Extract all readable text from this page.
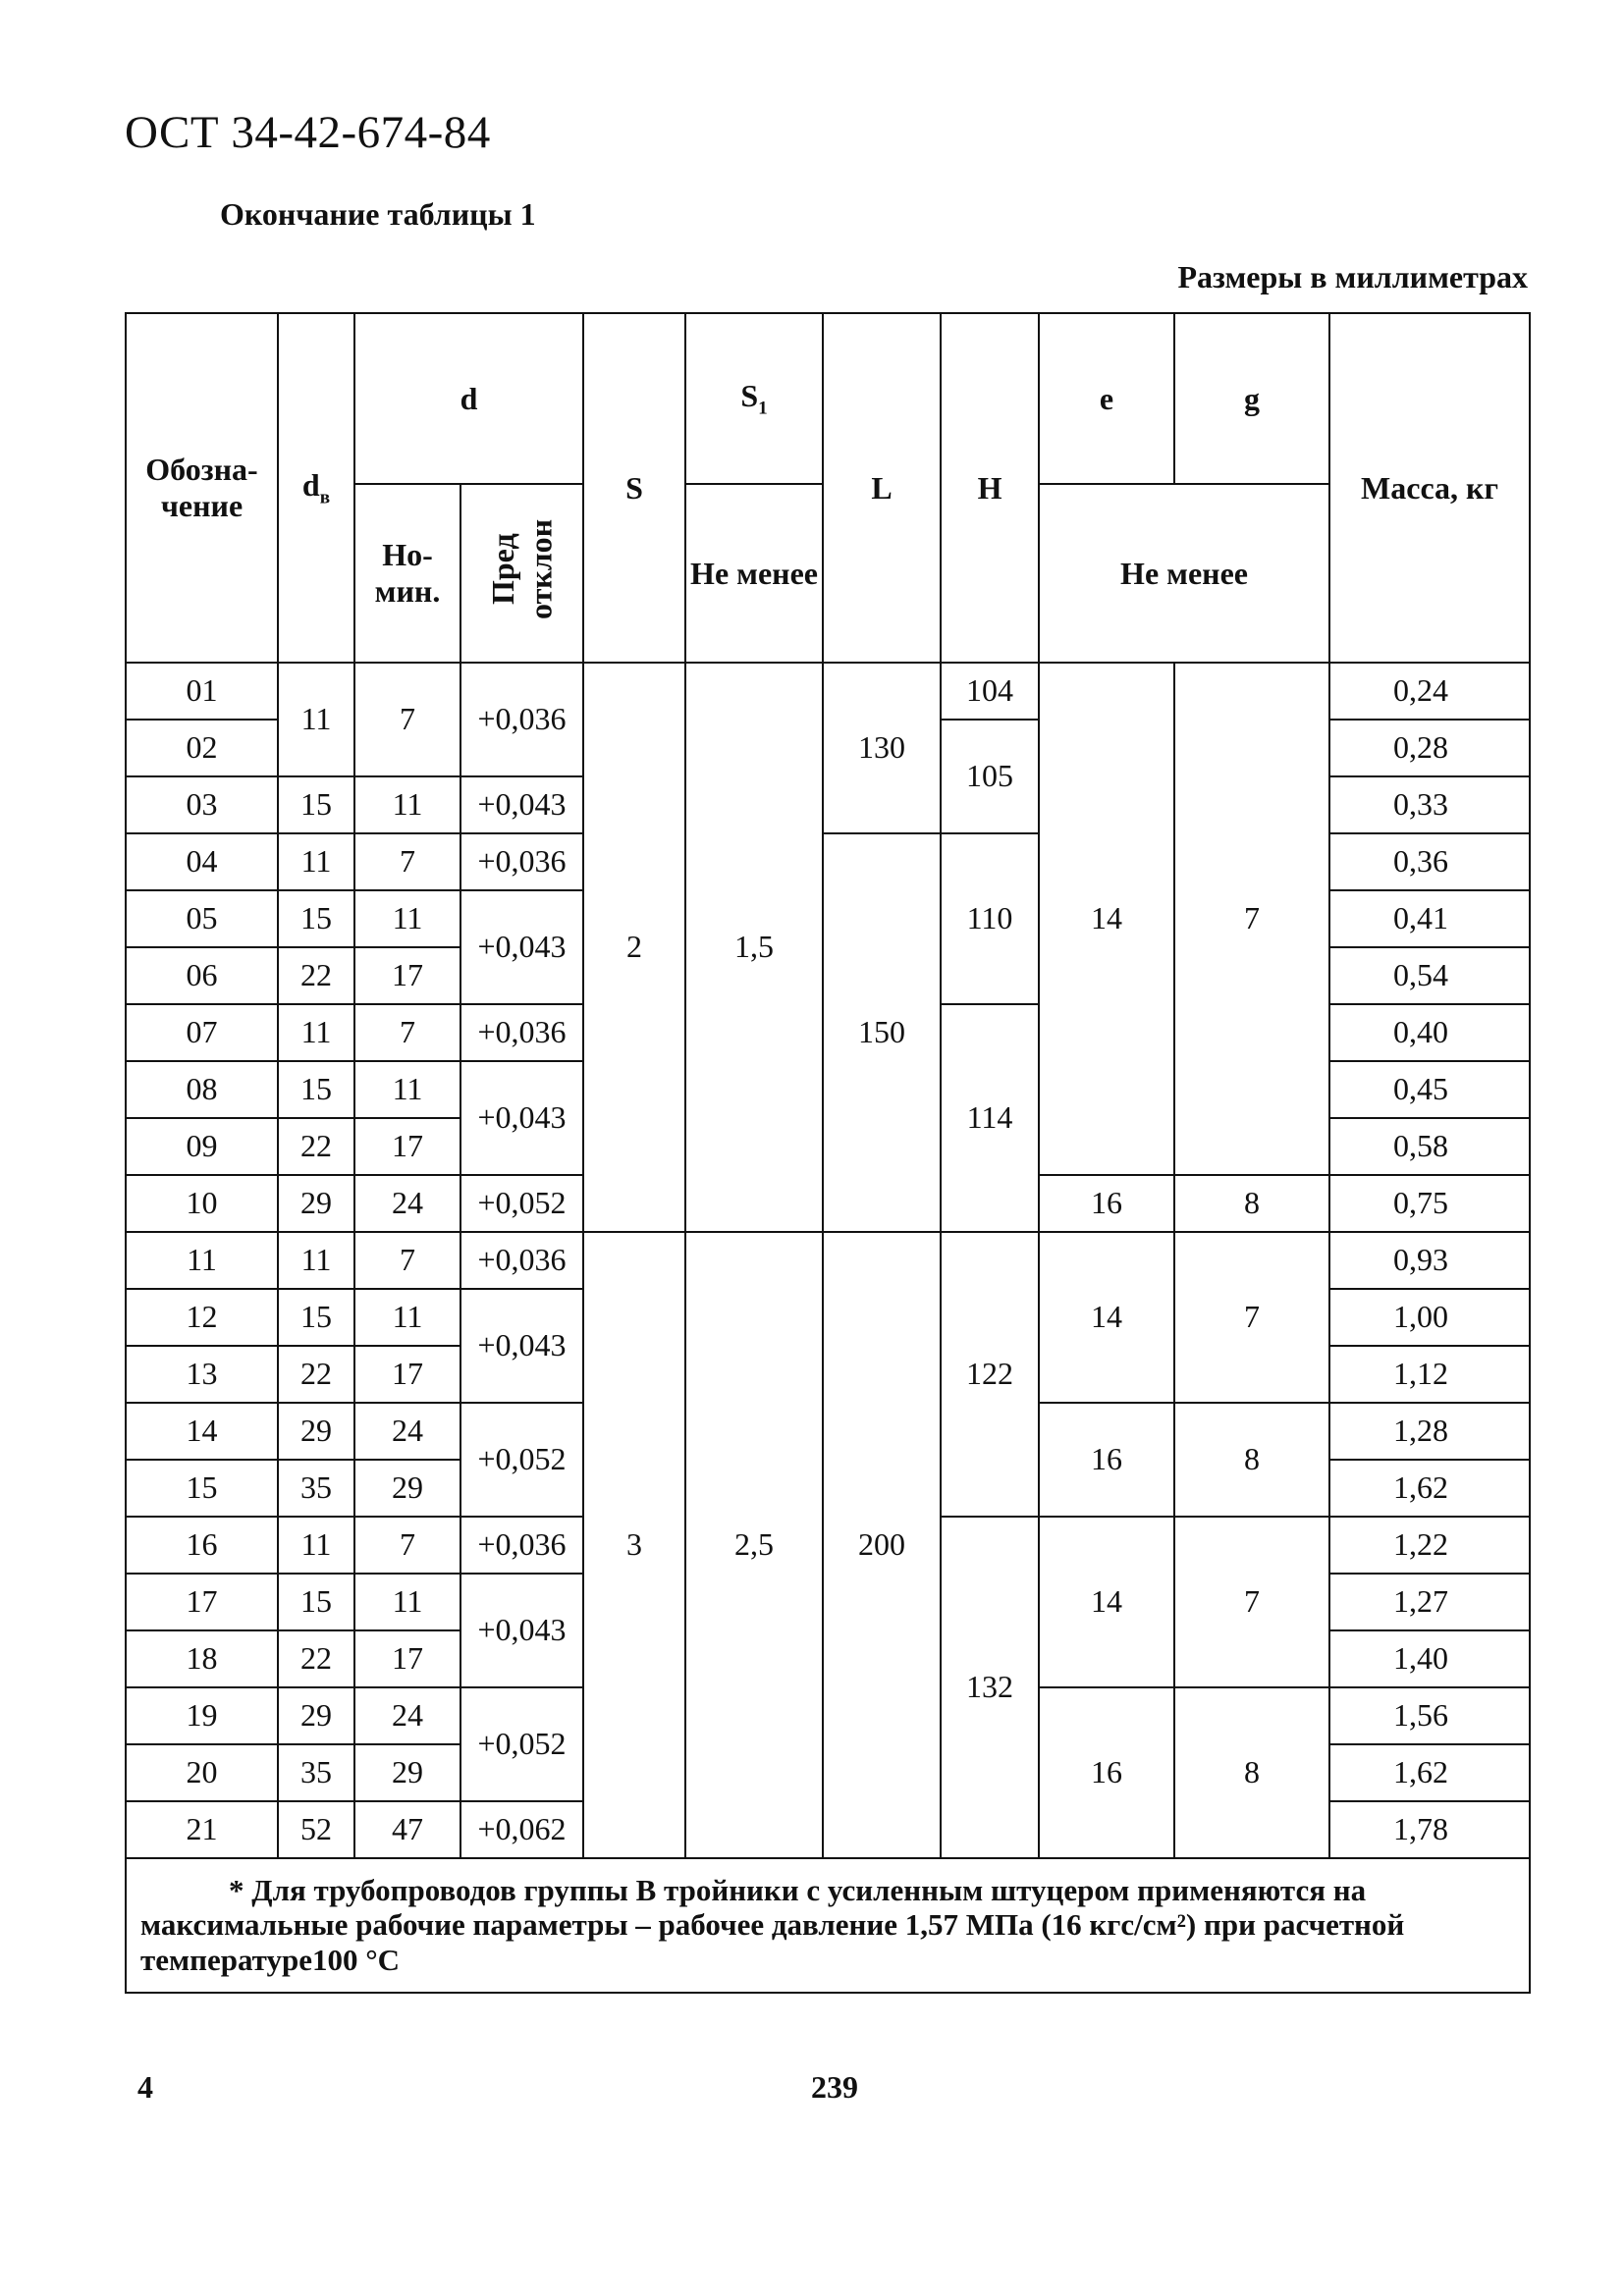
ОСТ 34-42-674-84
Окончание таблицы 1
Размеры в миллиметрах
Обозна-чение	$d_в$	d		S	$S_1$	L	H	e	g	Масса, кг
		Но-мин.	Пред отклон		Не менее			Не менее		
01	11	7	+0,036	2	1,5	130	104	14	7	0,24
02							105			0,28
03	15	11	+0,043							0,33
04	11	7	+0,036			150	110			0,36
05	15	11	+0,043							0,41
06	22	17								0,54
07	11	7	+0,036				114			0,40
08	15	11	+0,043							0,45
09	22	17								0,58
10	29	24	+0,052					16	8	0,75
11	11	7	+0,036	3	2,5	200	122	14	7	0,93
12	15	11	+0,043							1,00
13	22	17								1,12
14	29	24	+0,052					16	8	1,28
15	35	29								1,62
16	11	7	+0,036				132	14	7	1,22
17	15	11	+0,043							1,27
18	22	17								1,40
19	29	24	+0,052					16	8	1,56
20	35	29								1,62
21	52	47	+0,062							1,78
* Для трубопроводов группы В тройники с усиленным штуцером применяются на максимальные рабочие параметры – рабочее давление 1,57 МПа (16 кгс/см²) при расчетной температуре100 °С										
4	239
